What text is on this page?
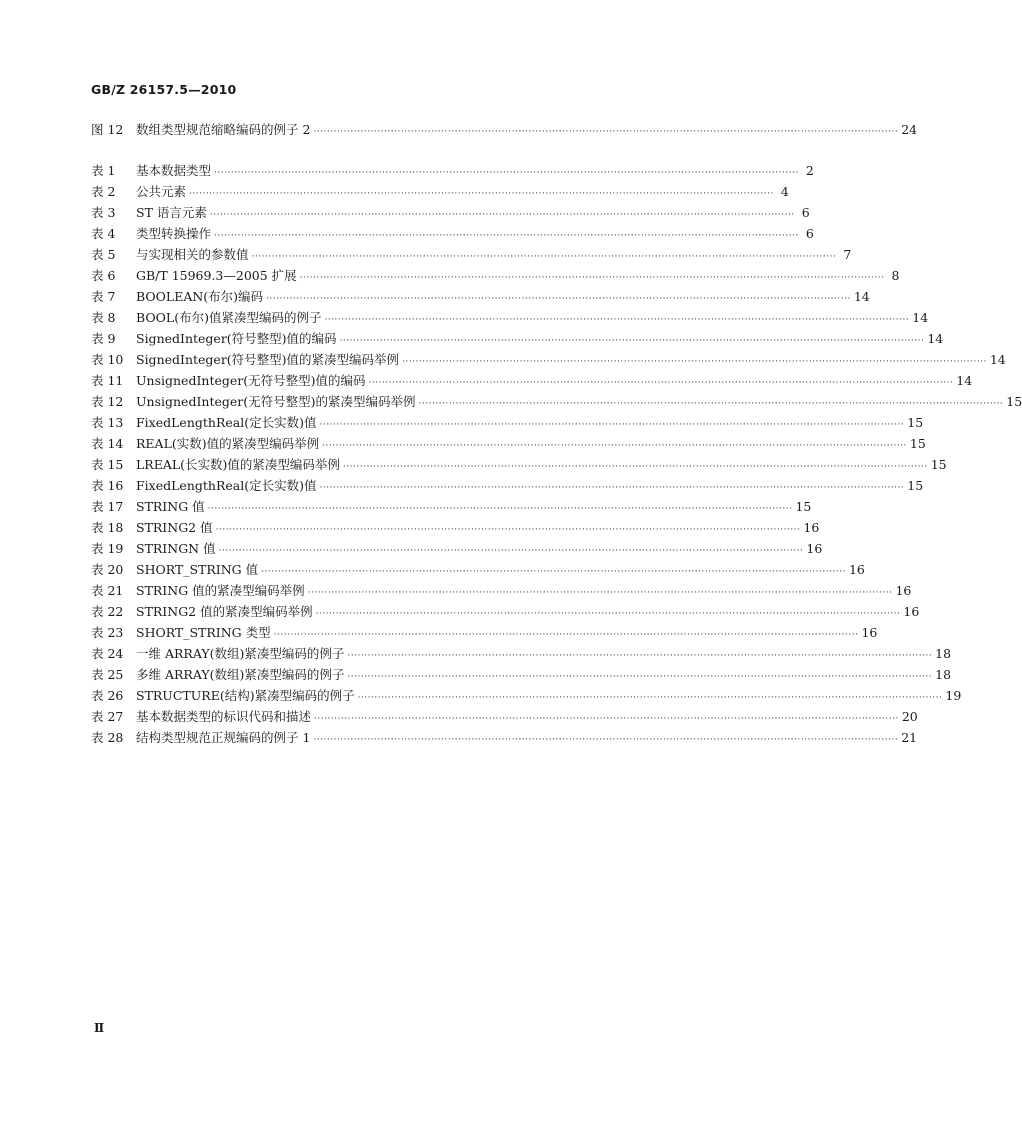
GB/Z 26157.5—2010
图 12	数组类型规范缩略编码的例子 2 ·····	24
表 1	基本数据类型 ·····	2
表 2	公共元素 ·····	4
表 3	ST 语言元素 ·····	6
表 4	类型转换操作 ·····	6
表 5	与实现相关的参数值 ·····	7
表 6	GB/T 15969.3—2005 扩展 ·····	8
表 7	BOOLEAN(布尔)编码 ·····	14
表 8	BOOL(布尔)值紧凑型编码的例子 ·····	14
表 9	SignedInteger(符号整型)值的编码 ·····	14
表 10	SignedInteger(符号整型)值的紧凑型编码举例 ·····	14
表 11	UnsignedInteger(无符号整型)值的编码 ·····	14
表 12	UnsignedInteger(无符号整型)的紧凑型编码举例 ·····	15
表 13	FixedLengthReal(定长实数)值 ·····	15
表 14	REAL(实数)值的紧凑型编码举例 ·····	15
表 15	LREAL(长实数)值的紧凑型编码举例 ·····	15
表 16	FixedLengthReal(定长实数)值 ·····	15
表 17	STRING 值 ·····	15
表 18	STRING2 值 ·····	16
表 19	STRINGN 值 ·····	16
表 20	SHORT_STRING 值 ·····	16
表 21	STRING 值的紧凑型编码举例 ·····	16
表 22	STRING2 值的紧凑型编码举例 ·····	16
表 23	SHORT_STRING 类型 ·····	16
表 24	一维 ARRAY(数组)紧凑型编码的例子 ·····	18
表 25	多维 ARRAY(数组)紧凑型编码的例子 ·····	18
表 26	STRUCTURE(结构)紧凑型编码的例子 ·····	19
表 27	基本数据类型的标识代码和描述 ·····	20
表 28	结构类型规范正规编码的例子 1 ·····	21
Ⅱ
